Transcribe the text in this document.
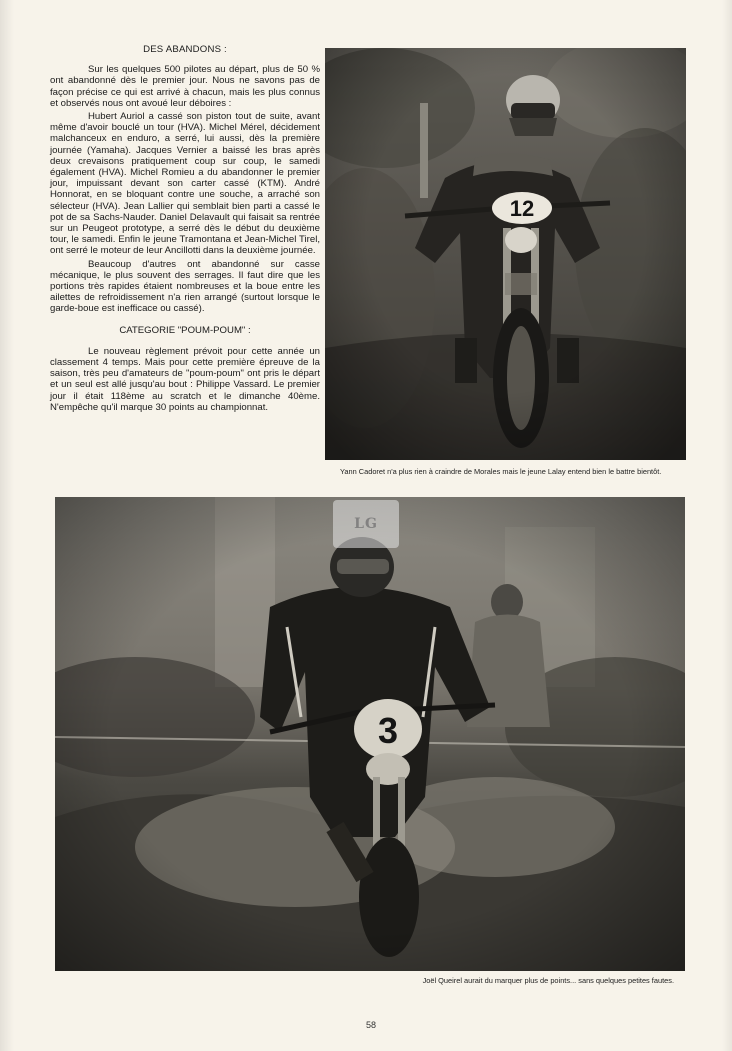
DES ABANDONS :

Sur les quelques 500 pilotes au départ, plus de 50 % ont abandonné dès le premier jour. Nous ne savons pas de façon précise ce qui est arrivé à chacun, mais les plus connus et observés nous ont avoué leur déboires :

Hubert Auriol a cassé son piston tout de suite, avant même d'avoir bouclé un tour (HVA). Michel Mérel, décidement malchanceux en enduro, a serré, lui aussi, dès la première journée (Yamaha). Jacques Vernier a baissé les bras après deux crevaisons pratiquement coup sur coup, le samedi également (HVA). Michel Romieu a du abandonner le premier jour, impuissant devant son carter cassé (KTM). André Honnorat, en se bloquant contre une souche, a arraché son sélecteur (HVA). Jean Lallier qui semblait bien parti a cassé le pot de sa Sachs-Nauder. Daniel Delavault qui faisait sa rentrée sur un Peugeot prototype, a serré dès le début du deuxième tour, le samedi. Enfin le jeune Tramontana et Jean-Michel Tirel, ont serré le moteur de leur Ancillotti dans la deuxième journée.

Beaucoup d'autres ont abandonné sur casse mécanique, le plus souvent des serrages. Il faut dire que les portions très rapides étaient nombreuses et la boue entre les ailettes de refroidissement n'a rien arrangé (surtout lorsque le garde-boue est inefficace ou cassé).

CATEGORIE "POUM-POUM" :

Le nouveau règlement prévoit pour cette année un classement 4 temps. Mais pour cette première épreuve de la saison, très peu d'amateurs de "poum-poum" ont pris le départ et un seul est allé jusqu'au bout : Philippe Vassard. Le premier jour il était 118ème au scratch et le dimanche 40ème. N'empêche qu'il marque 30 points au championnat.

Yann Cadoret n'a plus rien à craindre de Morales mais le jeune Lalay entend bien le battre bientôt.
LG
Joël Queirel aurait du marquer plus de points... sans quelques petites fautes.
58
